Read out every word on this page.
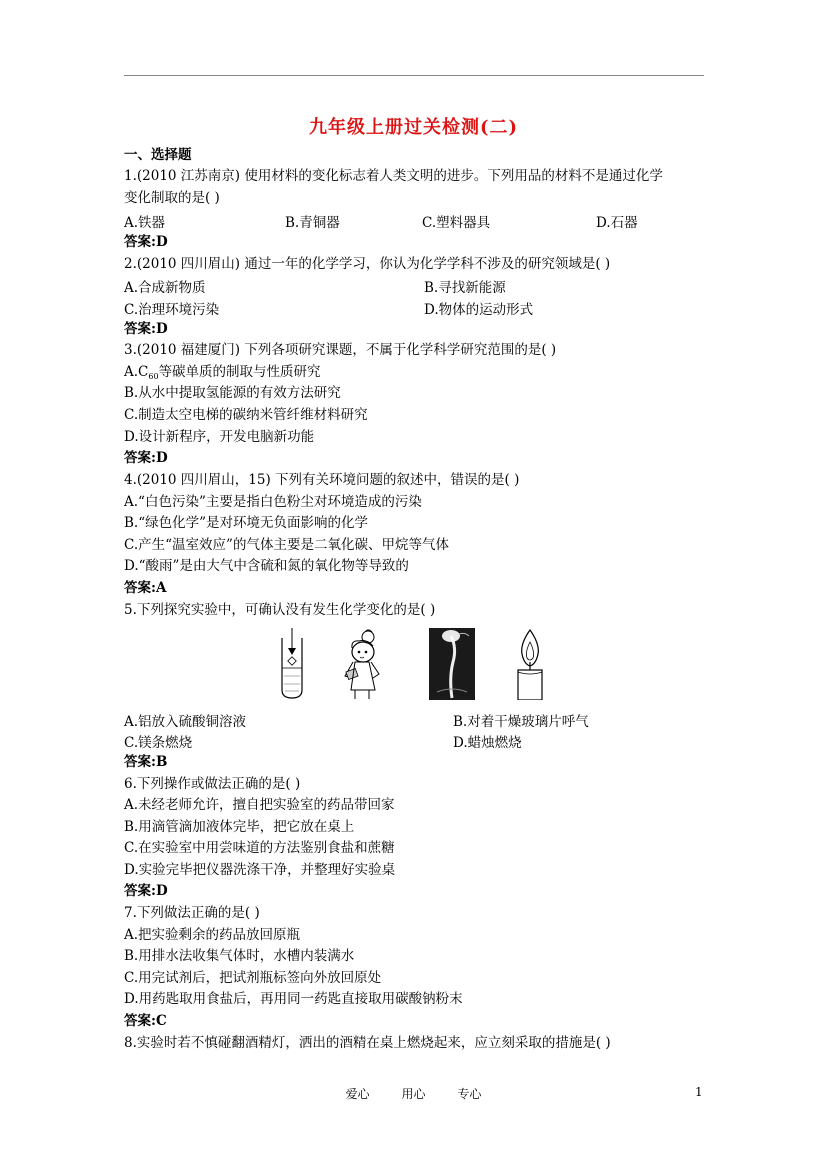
九年级上册过关检测(二)
一、选择题
1.(2010 江苏南京) 使用材料的变化标志着人类文明的进步。下列用品的材料不是通过化学
变化制取的是( )
A.铁器	B.青铜器	C.塑料器具	D.石器
答案:D
2.(2010 四川眉山) 通过一年的化学学习，你认为化学学科不涉及的研究领域是( )
A.合成新物质	B.寻找新能源
C.治理环境污染	D.物体的运动形式
答案:D
3.(2010 福建厦门) 下列各项研究课题，不属于化学科学研究范围的是( )
$A.C_{60}$等碳单质的制取与性质研究
B.从水中提取氢能源的有效方法研究
C.制造太空电梯的碳纳米管纤维材料研究
D.设计新程序，开发电脑新功能
答案:D
4.(2010 四川眉山，15) 下列有关环境问题的叙述中，错误的是( )
A.“白色污染”主要是指白色粉尘对环境造成的污染
B.“绿色化学”是对环境无负面影响的化学
C.产生“温室效应”的气体主要是二氧化碳、甲烷等气体
D.“酸雨”是由大气中含硫和氮的氧化物等导致的
答案:A
5.下列探究实验中，可确认没有发生化学变化的是( )
A.铝放入硫酸铜溶液	B.对着干燥玻璃片呼气
C.镁条燃烧	D.蜡烛燃烧
答案:B
6.下列操作或做法正确的是( )
A.未经老师允许，擅自把实验室的药品带回家
B.用滴管滴加液体完毕，把它放在桌上
C.在实验室中用尝味道的方法鉴别食盐和蔗糖
D.实验完毕把仪器洗涤干净，并整理好实验桌
答案:D
7.下列做法正确的是( )
A.把实验剩余的药品放回原瓶
B.用排水法收集气体时，水槽内装满水
C.用完试剂后，把试剂瓶标签向外放回原处
D.用药匙取用食盐后，再用同一药匙直接取用碳酸钠粉末
答案:C
8.实验时若不慎碰翻酒精灯，洒出的酒精在桌上燃烧起来，应立刻采取的措施是( )
爱心	用心	专心	1
